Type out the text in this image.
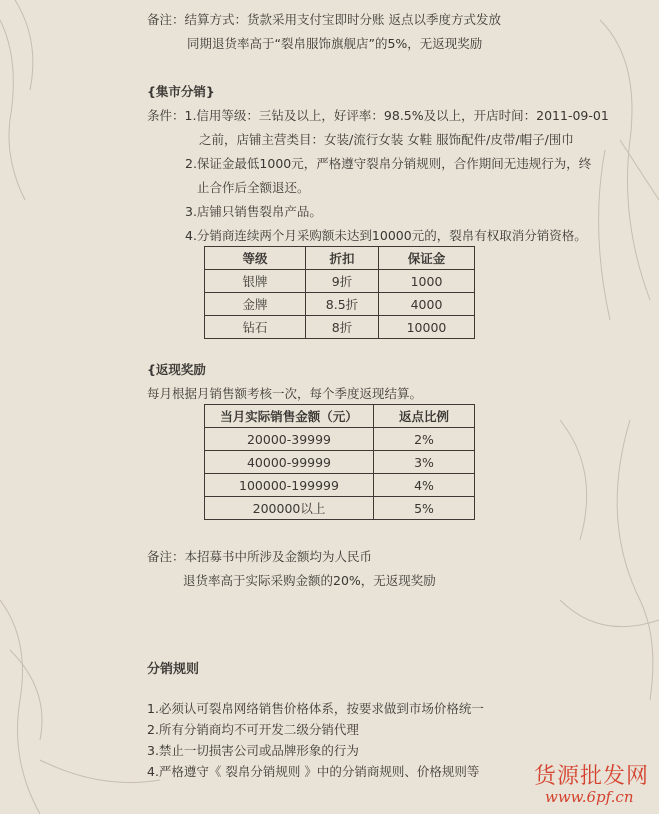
备注：结算方式：货款采用支付宝即时分账 返点以季度方式发放
同期退货率高于“裂帛服饰旗舰店”的5%，无返现奖励
{集市分销}
条件：1.信用等级：三钻及以上，好评率：98.5%及以上，开店时间：2011-09-01
之前，店铺主营类目：女装/流行女装 女鞋 服饰配件/皮带/帽子/围巾
2.保证金最低1000元，严格遵守裂帛分销规则，合作期间无违规行为，终
止合作后全额退还。
3.店铺只销售裂帛产品。
4.分销商连续两个月采购额未达到10000元的，裂帛有权取消分销资格。
等级	折扣	保证金
银牌	9折	1000
金牌	8.5折	4000
钻石	8折	10000
{返现奖励
每月根据月销售额考核一次，每个季度返现结算。
当月实际销售金额（元）	返点比例
20000-39999	2%
40000-99999	3%
100000-199999	4%
200000以上	5%
备注：本招募书中所涉及金额均为人民币
退货率高于实际采购金额的20%，无返现奖励
分销规则
1.必须认可裂帛网络销售价格体系，按要求做到市场价格统一
2.所有分销商均不可开发二级分销代理
3.禁止一切损害公司或品牌形象的行为
4.严格遵守《 裂帛分销规则 》中的分销商规则、价格规则等 货源批发网
www.6pf.cn
